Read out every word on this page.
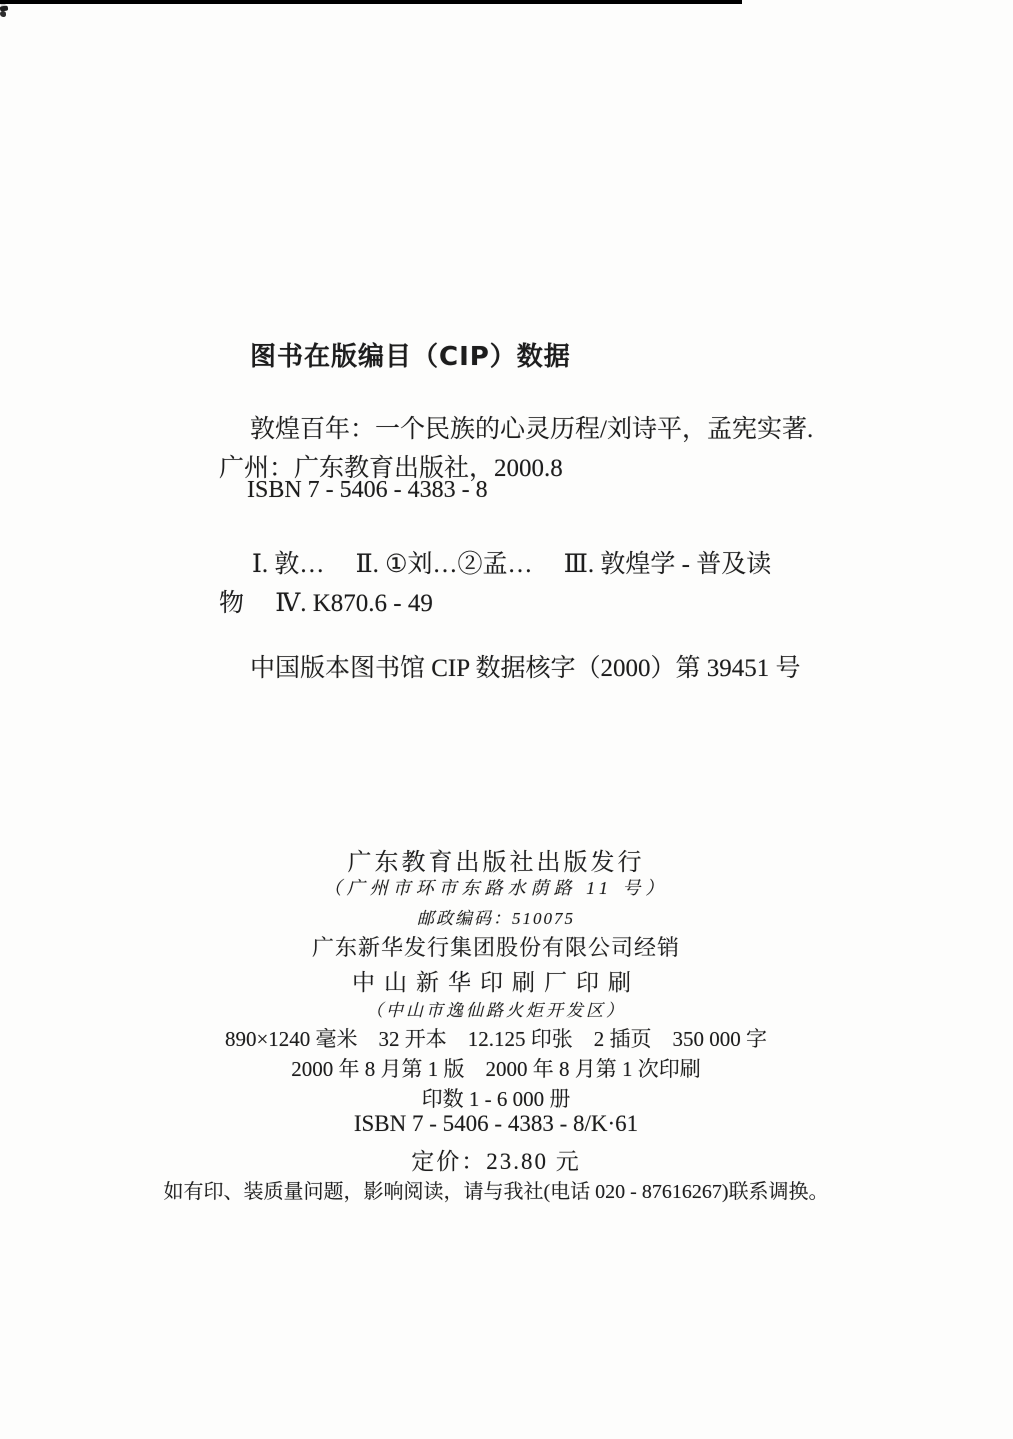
图书在版编目（CIP）数据
敦煌百年：一个民族的心灵历程/刘诗平，孟宪实著.
广州：广东教育出版社，2000.8
ISBN 7 - 5406 - 4383 - 8
Ⅰ. 敦…　 Ⅱ. ①刘…②孟…　 Ⅲ. 敦煌学 - 普及读
物　 Ⅳ. K870.6 - 49
中国版本图书馆 CIP 数据核字（2000）第 39451 号
广东教育出版社出版发行
（广州市环市东路水荫路 11 号）
邮政编码：510075
广东新华发行集团股份有限公司经销
中山新华印刷厂印刷
（中山市逸仙路火炬开发区）
890×1240 毫米　32 开本　12.125 印张　2 插页　350 000 字
2000 年 8 月第 1 版　2000 年 8 月第 1 次印刷
印数 1 - 6 000 册
ISBN 7 - 5406 - 4383 - 8/K·61
定价：23.80 元
如有印、装质量问题，影响阅读，请与我社(电话 020 - 87616267)联系调换。
